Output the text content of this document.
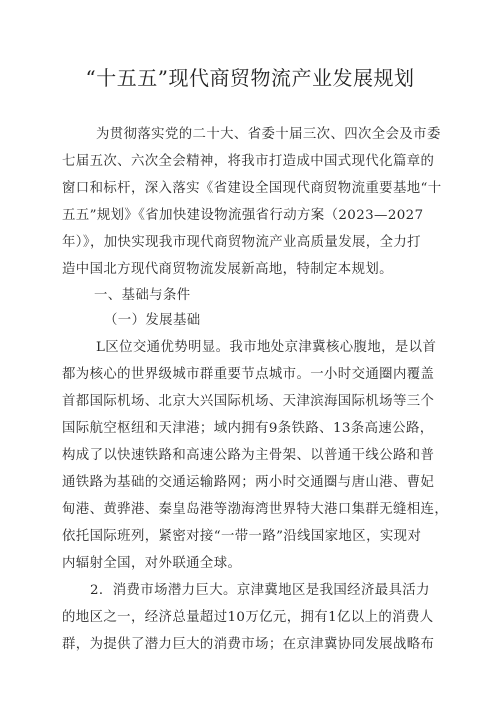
“十五五”现代商贸物流产业发展规划
为贯彻落实党的二十大、省委十届三次、四次全会及市委
七届五次、六次全会精神，将我市打造成中国式现代化篇章的
窗口和标杆，深入落实《省建设全国现代商贸物流重要基地“十
五五”规划》《省加快建设物流强省行动方案（2023—2027
年）》，加快实现我市现代商贸物流产业高质量发展，全力打
造中国北方现代商贸物流发展新高地，特制定本规划。
一、基础与条件
（一）发展基础
L区位交通优势明显。我市地处京津冀核心腹地，是以首
都为核心的世界级城市群重要节点城市。一小时交通圈内覆盖
首都国际机场、北京大兴国际机场、天津滨海国际机场等三个
国际航空枢纽和天津港；域内拥有9条铁路、13条高速公路，
构成了以快速铁路和高速公路为主骨架、以普通干线公路和普
通铁路为基础的交通运输路网；两小时交通圈与唐山港、曹妃
甸港、黄骅港、秦皇岛港等渤海湾世界特大港口集群无缝相连，
依托国际班列，紧密对接“一带一路”沿线国家地区，实现对
内辐射全国，对外联通全球。
2．消费市场潜力巨大。京津冀地区是我国经济最具活力
的地区之一，经济总量超过10万亿元，拥有1亿以上的消费人
群，为提供了潜力巨大的消费市场；在京津冀协同发展战略布
